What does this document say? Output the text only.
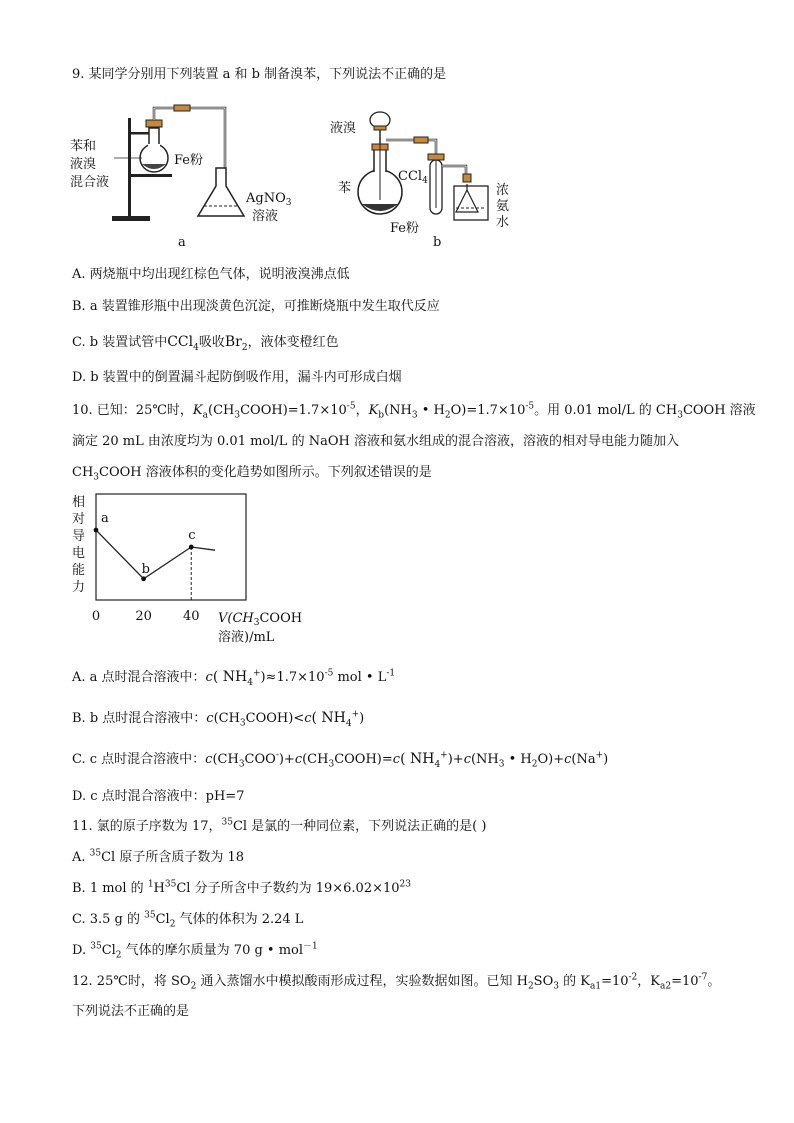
9. 某同学分别用下列装置 a 和 b 制备溴苯，下列说法不正确的是
苯和
液溴
混合液
Fe粉
AgNO$_3$
溶液
a
液溴
CCl$_4$
苯
Fe粉
浓
氨
水
b
A. 两烧瓶中均出现红棕色气体，说明液溴沸点低
B. a 装置锥形瓶中出现淡黄色沉淀，可推断烧瓶中发生取代反应
C. b 装置试管中CCl$_4$吸收$Br_2$，液体变橙红色
D. b 装置中的倒置漏斗起防倒吸作用，漏斗内可形成白烟
10. 已知：25℃时，$K_a(CH_3COOH)=1.7\times 10^{-5}$，$K_b(NH_3$ • $H_2O)=1.7\times 10^{-5}$。用 0.01 mol/L 的 $CH_3COOH$ 溶液
滴定 20 mL 由浓度均为 0.01 mol/L 的 NaOH 溶液和氨水组成的混合溶液，溶液的相对导电能力随加入
$CH_3COOH$ 溶液体积的变化趋势如图所示。下列叙述错误的是
相
对
导
电
能
力
a
b
c
0	20 40 $V(CH_3COOH$
溶液)/mL
A. a 点时混合溶液中：c( $NH_4^+)\approx 1.7\times 10^{-5}$ mol • $L^{-1}$
B. b 点时混合溶液中：$c(CH_3COOH)<c$( $NH_4^+$)
C. c 点时混合溶液中：$c(CH_3COO^-)+c(CH_3COOH)=c$( $NH_4^+)+c(NH_3$ • $H_2O)+c(Na^+)$
D. c 点时混合溶液中：pH=7
11. 氯的原子序数为 17，$^{35}$Cl 是氯的一种同位素，下列说法正确的是( )
A. $^{35}$Cl 原子所含质子数为 18
B. 1 mol 的 $^1H^{35}Cl$ 分子所含中子数约为 $19\times 6.02\times 10^{23}$
C. 3.5 g 的 $^{35}Cl_2$ 气体的体积为 2.24 L
D. $^{35}Cl_2$ 气体的摩尔质量为 70 g • mol$^{-1}$
12. 25℃时，将 $SO_2$ 通入蒸馏水中模拟酸雨形成过程，实验数据如图。已知 $H_2SO_3$ 的 $K_{a1}=10^{-2}$，$K_{a2}=10^{-7}$。
下列说法不正确的是
